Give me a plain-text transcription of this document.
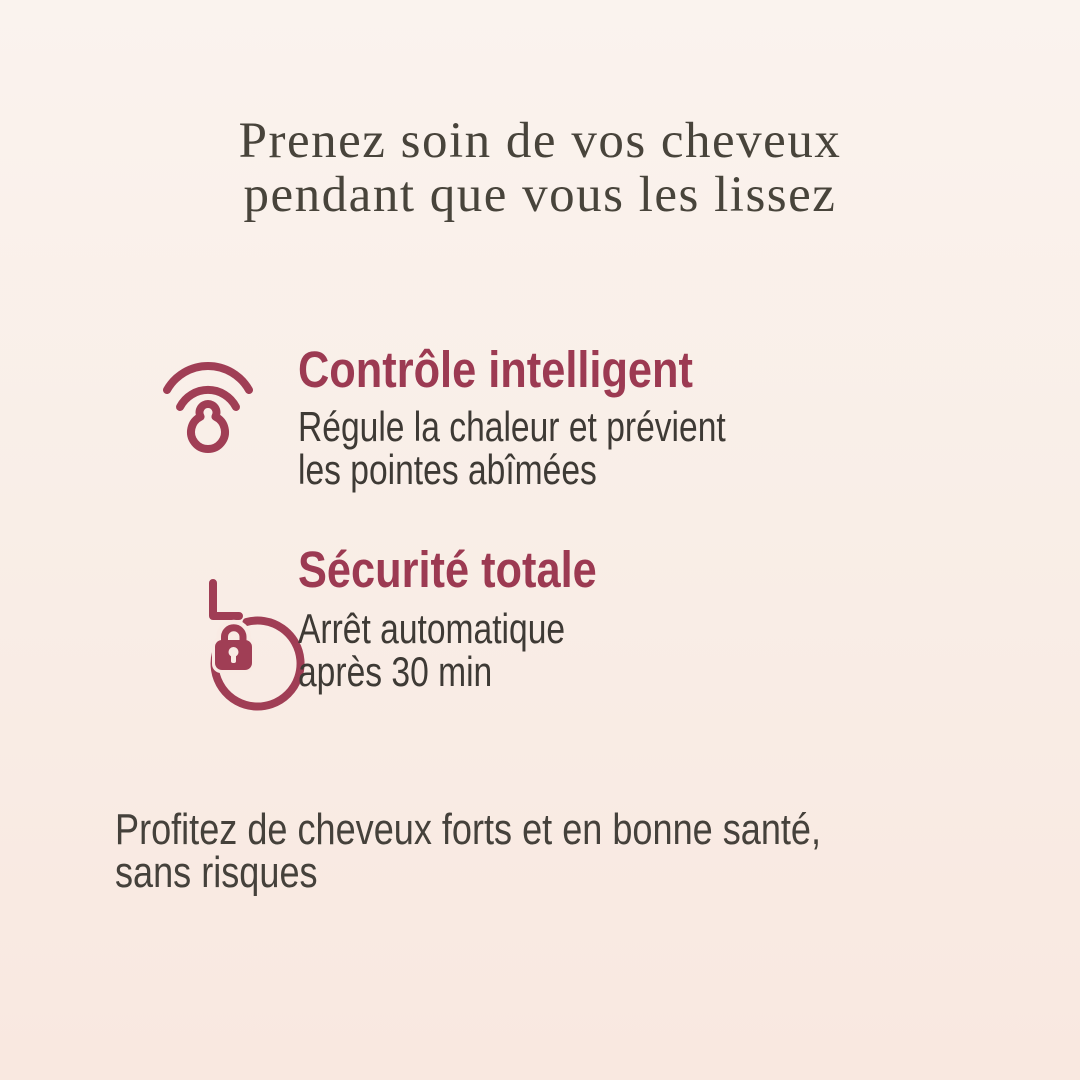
Prenez soin de vos cheveux
pendant que vous les lissez
Contrôle intelligent
Régule la chaleur et prévient
les pointes abîmées
Sécurité totale
Arrêt automatique
après 30 min
Profitez de cheveux forts et en bonne santé,
sans risques
